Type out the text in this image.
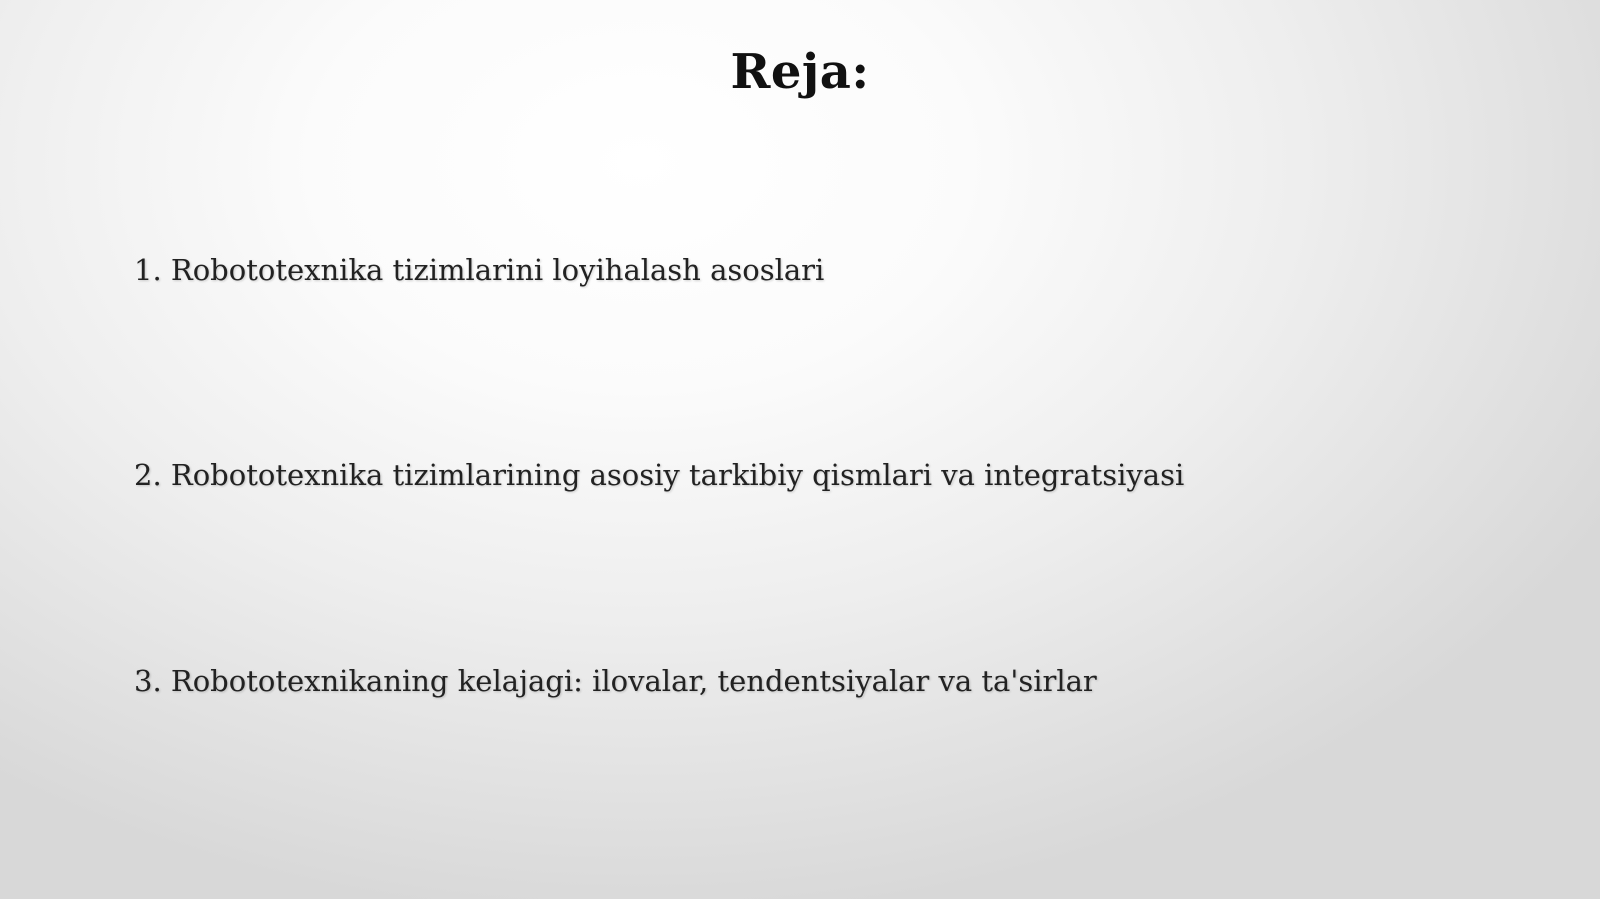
Reja:
1. Robototexnika tizimlarini loyihalash asoslari
2. Robototexnika tizimlarining asosiy tarkibiy qismlari va integratsiyasi
3. Robototexnikaning kelajagi: ilovalar, tendentsiyalar va ta'sirlar
